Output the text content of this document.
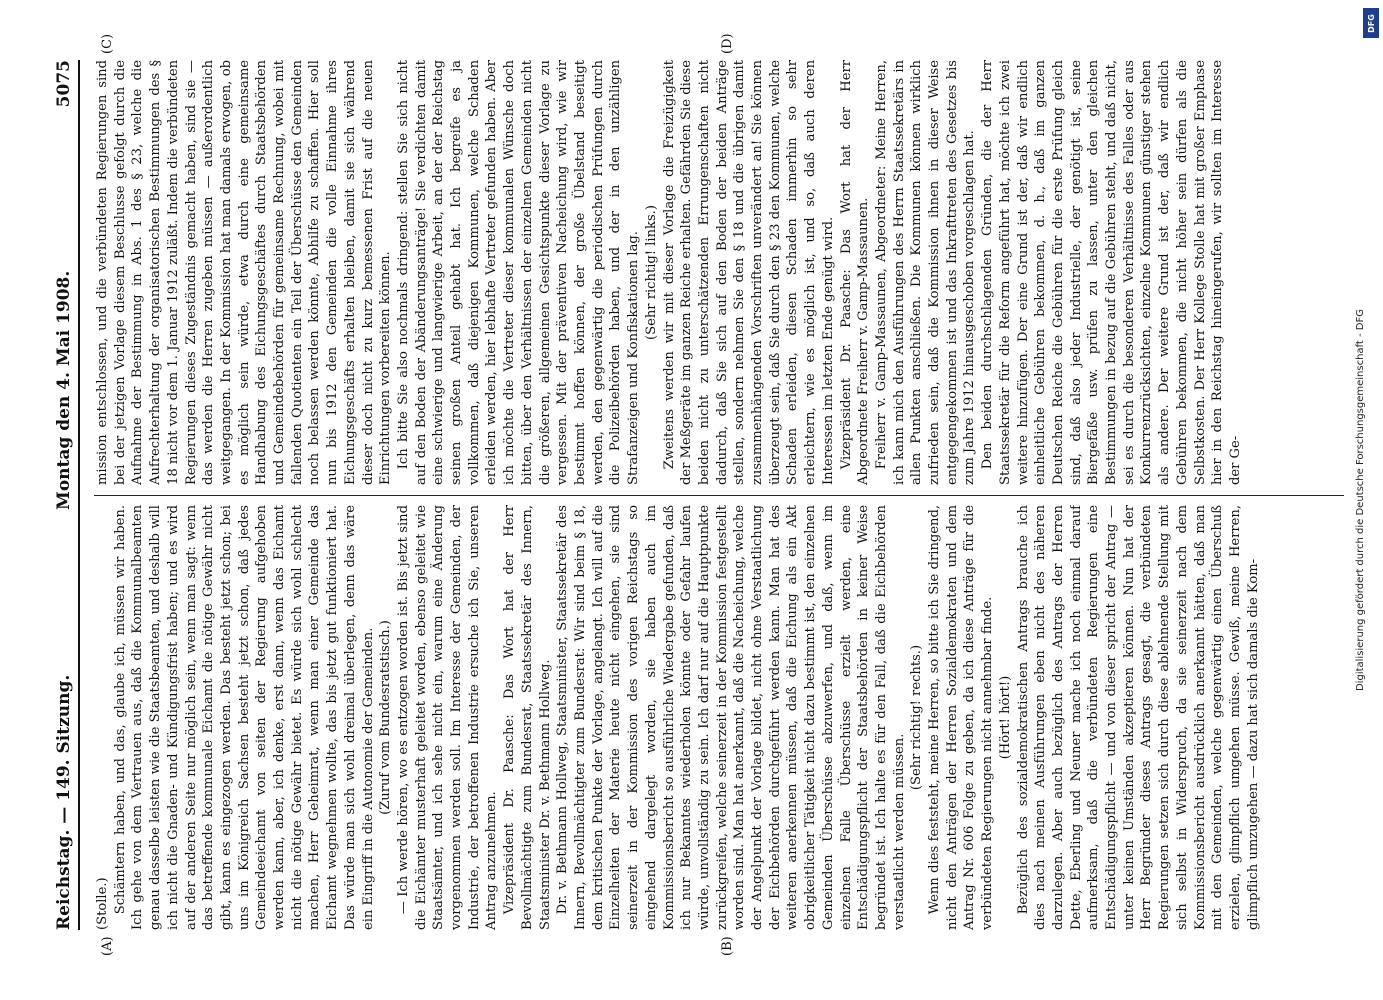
Reichstag. — 149. Sitzung.
Montag den 4. Mai 1908.
5075
(A)	(B)
(C)	(D)

(Stolle.) Schämtern haben, und das, glaube ich, müssen wir haben. Ich gehe von dem Vertrauen aus, daß die Kommunalbeamten genau dasselbe leisten wie die Staatsbeamten, und deshalb will ich nicht die Gnaden- und Kündigungsfrist haben; und es wird auf der anderen Seite nur möglich sein, wenn man sagt: wenn das betreffende kommunale Eichamt die nötige Gewähr nicht gibt, kann es eingezogen werden. Das besteht jetzt schon; bei uns im Königreich Sachsen besteht jetzt schon, daß jedes Gemeindeeichamt von seiten der Regierung aufgehoben werden kann, aber, ich denke, erst dann, wenn das Eichamt nicht die nötige Gewähr bietet. Es würde sich wohl schlecht machen, Herr Geheimrat, wenn man einer Gemeinde das Eichamt wegnehmen wollte, das bis jetzt gut funktioniert hat. Das würde man sich wohl dreimal überlegen, denn das wäre ein Eingriff in die Autonomie der Gemeinden. (Zuruf vom Bundesratstisch.) — Ich werde hören, wo es entzogen worden ist. Bis jetzt sind die Eichämter musterhaft geleitet worden, ebenso geleitet wie Staatsämter, und ich sehe nicht ein, warum eine Änderung vorgenommen werden soll. Im Interesse der Gemeinden, der Industrie, der betroffenen Industrie ersuche ich Sie, unseren Antrag anzunehmen. Vizepräsident Dr. Paasche: Das Wort hat der Herr Bevollmächtigte zum Bundesrat, Staatssekretär des Innern, Staatsminister Dr. v. Bethmann Hollweg. Dr. v. Bethmann Hollweg, Staatsminister, Staatssekretär des Innern, Bevollmächtigter zum Bundesrat: Wir sind beim § 18, dem kritischen Punkte der Vorlage, angelangt. Ich will auf die Einzelheiten der Materie heute nicht eingehen, sie sind seinerzeit in der Kommission des vorigen Reichstags so eingehend dargelegt worden, sie haben auch im Kommissionsbericht so ausführliche Wiedergabe gefunden, daß ich nur Bekanntes wiederholen könnte oder Gefahr laufen würde, unvollständig zu sein. Ich darf nur auf die Hauptpunkte zurückgreifen, welche seinerzeit in der Kommission festgestellt worden sind. Man hat anerkannt, daß die Nacheichung, welche der Angelpunkt der Vorlage bildet, nicht ohne Verstaatlichung der Eichbehörden durchgeführt werden kann. Man hat des weiteren anerkennen müssen, daß die Eichung als ein Akt obrigkeitlicher Tätigkeit nicht dazu bestimmt ist, den einzelnen Gemeinden Überschüsse abzuwerfen, und daß, wenn im einzelnen Falle Überschüsse erzielt werden, eine Entschädigungspflicht der Staatsbehörden in keiner Weise begründet ist. Ich halte es für den Fall, daß die Eichbehörden verstaatlicht werden müssen.

(Sehr richtig! rechts.) Wenn dies feststeht, meine Herren, so bitte ich Sie dringend, nicht den Anträgen der Herren Sozialdemokraten und dem Antrag Nr. 606 Folge zu geben, da ich diese Anträge für die verbündeten Regierungen nicht annehmbar finde. (Hört! hört!) Bezüglich des sozialdemokratischen Antrags brauche ich dies nach meinen Ausführungen eben nicht des näheren darzulegen. Aber auch bezüglich des Antrags der Herren Dette, Eberling und Neuner mache ich noch einmal darauf aufmerksam, daß die verbündeten Regierungen eine Entschädigungspflicht — und von dieser spricht der Antrag — unter keinen Umständen akzeptieren können. Nun hat der Herr Begründer dieses Antrags gesagt, die verbündeten Regierungen setzen sich durch diese ablehnende Stellung mit sich selbst in Widerspruch, da sie seinerzeit nach dem Kommissionsbericht ausdrücklich anerkannt hätten, daß man mit den Gemeinden, welche gegenwärtig einen Überschuß erzielen, glimpflich umgehen müsse. Gewiß, meine Herren, glimpflich umzugehen — dazu hat sich damals die Kom-

mission entschlossen, und die verbündeten Regierungen sind bei der jetzigen Vorlage diesem Beschlusse gefolgt durch die Aufnahme der Bestimmung in Abs. 1 des § 23, welche die Aufrechterhaltung der organisatorischen Bestimmungen des § 18 nicht vor dem 1. Januar 1912 zuläßt. Indem die verbündeten Regierungen dieses Zugeständnis gemacht haben, sind sie — das werden die Herren zugeben müssen — außerordentlich weitgegangen. In der Kommission hat man damals erwogen, ob es möglich sein würde, etwa durch eine gemeinsame Handhabung des Eichungsgeschäftes durch Staatsbehörden und Gemeindebehörden für gemeinsame Rechnung, wobei mit fallenden Quotienten ein Teil der Überschüsse den Gemeinden noch belassen werden könnte, Abhilfe zu schaffen. Hier soll nun bis 1912 den Gemeinden die volle Einnahme ihres Eichungsgeschäfts erhalten bleiben, damit sie sich während dieser doch nicht zu kurz bemessenen Frist auf die neuen Einrichtungen vorbereiten können. Ich bitte Sie also nochmals dringend: stellen Sie sich nicht auf den Boden der Abänderungsanträge! Sie verdichten damit eine schwierige und langwierige Arbeit, an der der Reichstag seinen großen Anteil gehabt hat. Ich begreife es ja vollkommen, daß diejenigen Kommunen, welche Schaden erleiden werden, hier lebhafte Vertreter gefunden haben. Aber ich möchte die Vertreter dieser kommunalen Wünsche doch bitten, über den Verhältnissen der einzelnen Gemeinden nicht die größeren, allgemeinen Gesichtspunkte dieser Vorlage zu vergessen. Mit der präventiven Nacheichung wird, wie wir bestimmt hoffen können, der große Übelstand beseitigt werden, den gegenwärtig die periodischen Prüfungen durch die Polizeibehörden haben, und der in den unzähligen Strafanzeigen und Konfiskationen lag. (Sehr richtig! links.) Zweitens werden wir mit dieser Vorlage die Freizügigkeit der Meßgeräte im ganzen Reiche erhalten. Gefährden Sie diese beiden nicht zu unterschätzenden Errungenschaften nicht dadurch, daß Sie sich auf den Boden der beiden Anträge stellen, sondern nehmen Sie den § 18 und die übrigen damit zusammenhängenden Vorschriften unverändert an! Sie können überzeugt sein, daß Sie durch den § 23 den Kommunen, welche Schaden erleiden, diesen Schaden immerhin so sehr erleichtern, wie es möglich ist, und so, daß auch deren Interessen im letzten Ende genügt wird. Vizepräsident Dr. Paasche: Das Wort hat der Herr Abgeordnete Freiherr v. Gamp-Massaunen. Freiherr v. Gamp-Massaunen, Abgeordneter: Meine Herren, ich kann mich den Ausführungen des Herrn Staatssekretärs in allen Punkten anschließen. Die Kommunen können wirklich zufrieden sein, daß die Kommission ihnen in dieser Weise entgegengekommen ist und das Inkrafttreten des Gesetzes bis zum Jahre 1912 hinausgeschoben vorgeschlagen hat. Den beiden durchschlagenden Gründen, die der Herr Staatssekretär für die Reform angeführt hat, möchte ich zwei weitere hinzufügen. Der eine Grund ist der, daß wir endlich einheitliche Gebühren bekommen, d. h., daß im ganzen Deutschen Reiche die Gebühren für die erste Prüfung gleich sind, daß also jeder Industrielle, der genötigt ist, seine Biergefäße usw. prüfen zu lassen, unter den gleichen Bestimmungen in bezug auf die Gebühren steht, und daß nicht, sei es durch die besonderen Verhältnisse des Falles oder aus Konkurrenzrücksichten, einzelne Kommunen günstiger stehen als andere. Der weitere Grund ist der, daß wir endlich Gebühren bekommen, die nicht höher sein dürfen als die Selbstkosten. Der Herr Kollege Stolle hat mit großer Emphase hier in den Reichstag hineingerufen, wir sollten im Interesse der Ge-	Digitalisierung gefördert durch die Deutsche Forschungsgemeinschaft - DFG
DFG
